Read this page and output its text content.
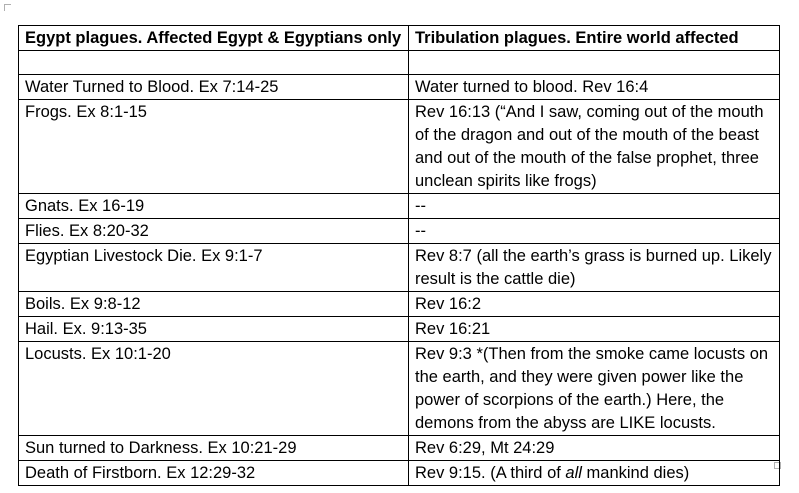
Egypt plagues. Affected Egypt & Egyptians only	Tribulation plagues. Entire world affected

Water Turned to Blood. Ex 7:14-25	Water turned to blood. Rev 16:4
Frogs. Ex 8:1-15	Rev 16:13 (“And I saw, coming out of the mouth of the dragon and out of the mouth of the beast and out of the mouth of the false prophet, three unclean spirits like frogs)
Gnats. Ex 16-19	--
Flies. Ex 8:20-32	--
Egyptian Livestock Die. Ex 9:1-7	Rev 8:7 (all the earth’s grass is burned up. Likely result is the cattle die)
Boils. Ex 9:8-12	Rev 16:2
Hail. Ex. 9:13-35	Rev 16:21
Locusts. Ex 10:1-20	Rev 9:3 *(Then from the smoke came locusts on the earth, and they were given power like the power of scorpions of the earth.) Here, the demons from the abyss are LIKE locusts.
Sun turned to Darkness. Ex 10:21-29	Rev 6:29, Mt 24:29
Death of Firstborn. Ex 12:29-32	Rev 9:15. (A third of all mankind dies)
